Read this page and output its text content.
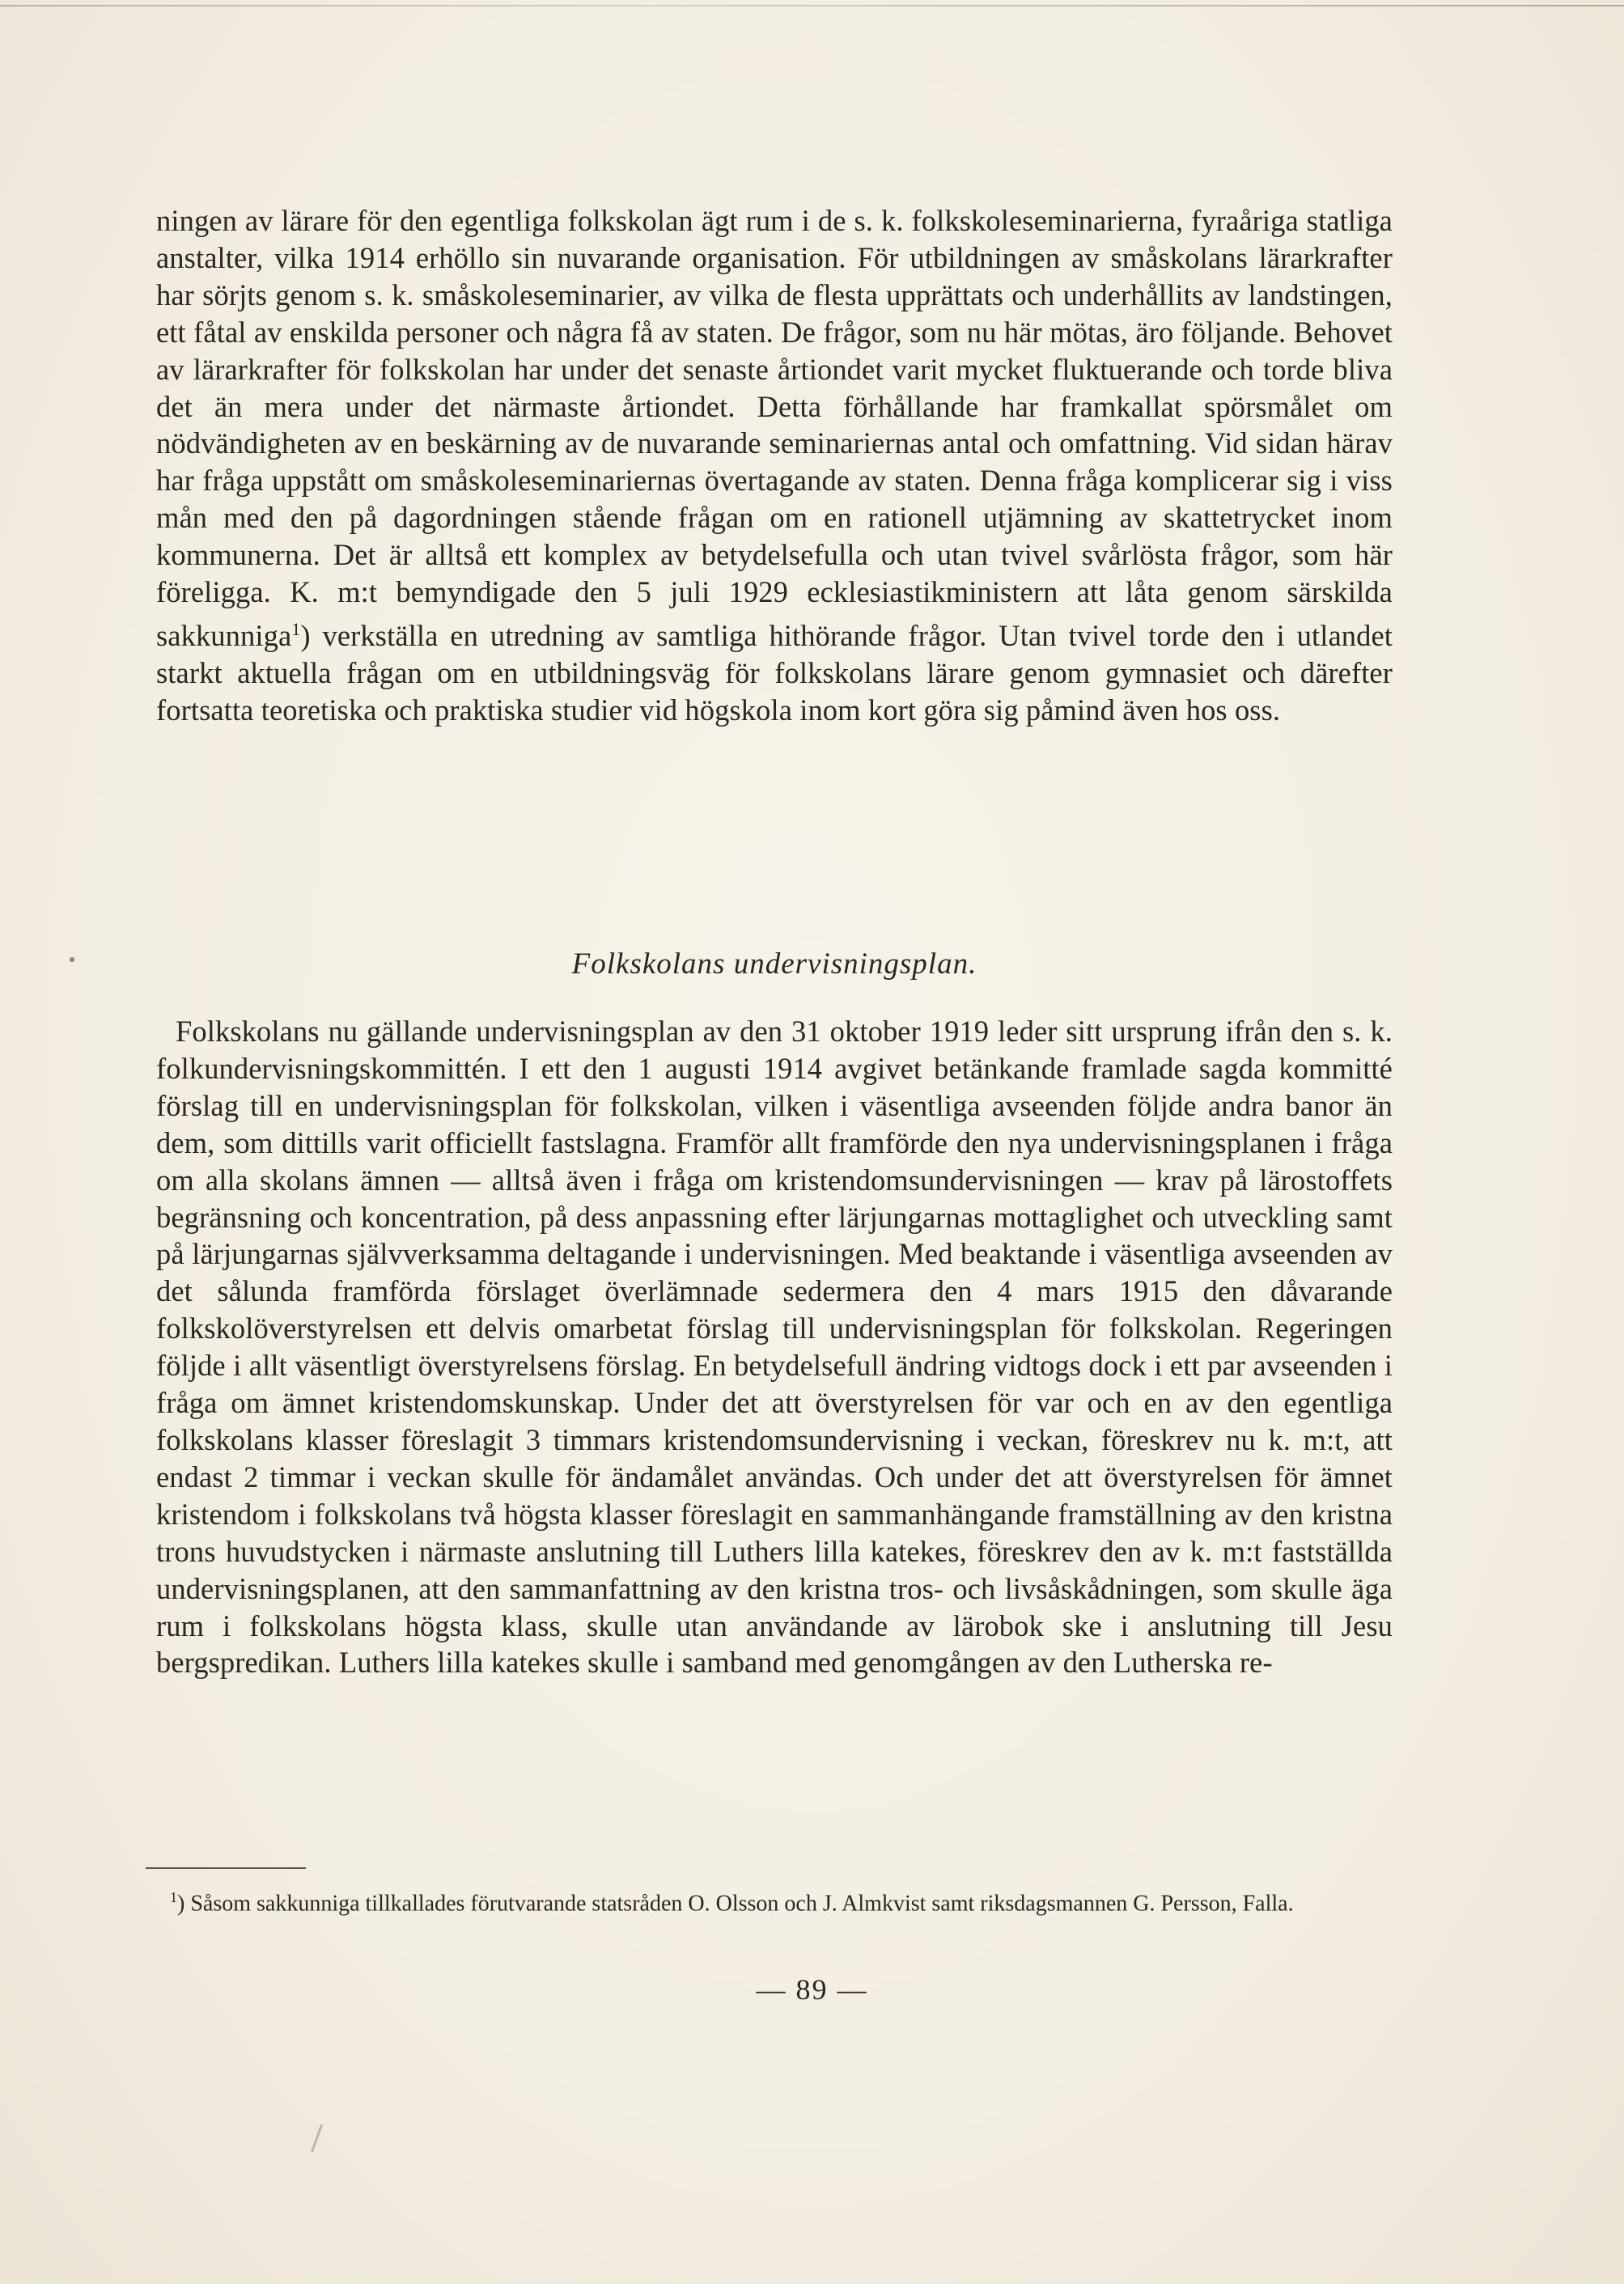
ningen av lärare för den egentliga folkskolan ägt rum i de s. k. folkskoleseminarierna, fyraåriga statliga anstalter, vilka 1914 erhöllo sin nuvarande organisation. För utbildningen av småskolans lärarkrafter har sörjts genom s. k. småskoleseminarier, av vilka de flesta upprättats och underhållits av landstingen, ett fåtal av enskilda personer och några få av staten. De frågor, som nu här mötas, äro följande. Behovet av lärarkrafter för folkskolan har under det senaste årtiondet varit mycket fluktuerande och torde bliva det än mera under det närmaste årtiondet. Detta förhållande har framkallat spörsmålet om nödvändigheten av en beskärning av de nuvarande seminariernas antal och omfattning. Vid sidan härav har fråga uppstått om småskoleseminariernas övertagande av staten. Denna fråga komplicerar sig i viss mån med den på dagordningen stående frågan om en rationell utjämning av skattetrycket inom kommunerna. Det är alltså ett komplex av betydelsefulla och utan tvivel svårlösta frågor, som här föreligga. K. m:t bemyndigade den 5 juli 1929 ecklesiastikministern att låta genom särskilda sakkunniga$^1$) verkställa en utredning av samtliga hithörande frågor. Utan tvivel torde den i utlandet starkt aktuella frågan om en utbildningsväg för folkskolans lärare genom gymnasiet och därefter fortsatta teoretiska och praktiska studier vid högskola inom kort göra sig påmind även hos oss.

Folkskolans undervisningsplan.

Folkskolans nu gällande undervisningsplan av den 31 oktober 1919 leder sitt ursprung ifrån den s. k. folkundervisningskommittén. I ett den 1 augusti 1914 avgivet betänkande framlade sagda kommitté förslag till en undervisningsplan för folkskolan, vilken i väsentliga avseenden följde andra banor än dem, som dittills varit officiellt fastslagna. Framför allt framförde den nya undervisningsplanen i fråga om alla skolans ämnen — alltså även i fråga om kristendomsundervisningen — krav på lärostoffets begränsning och koncentration, på dess anpassning efter lärjungarnas mottaglighet och utveckling samt på lärjungarnas självverksamma deltagande i undervisningen. Med beaktande i väsentliga avseenden av det sålunda framförda förslaget överlämnade sedermera den 4 mars 1915 den dåvarande folkskolöverstyrelsen ett delvis omarbetat förslag till undervisningsplan för folkskolan. Regeringen följde i allt väsentligt överstyrelsens förslag. En betydelsefull ändring vidtogs dock i ett par avseenden i fråga om ämnet kristendomskunskap. Under det att överstyrelsen för var och en av den egentliga folkskolans klasser föreslagit 3 timmars kristendomsundervisning i veckan, föreskrev nu k. m:t, att endast 2 timmar i veckan skulle för ändamålet användas. Och under det att överstyrelsen för ämnet kristendom i folkskolans två högsta klasser föreslagit en sammanhängande framställning av den kristna trons huvudstycken i närmaste anslutning till Luthers lilla katekes, föreskrev den av k. m:t fastställda undervisningsplanen, att den sammanfattning av den kristna tros- och livsåskådningen, som skulle äga rum i folkskolans högsta klass, skulle utan användande av lärobok ske i anslutning till Jesu bergspredikan. Luthers lilla katekes skulle i samband med genomgången av den Lutherska re-

$^1$) Såsom sakkunniga tillkallades förutvarande statsråden O. Olsson och J. Almkvist samt riksdagsmannen G. Persson, Falla.
— 89 —
